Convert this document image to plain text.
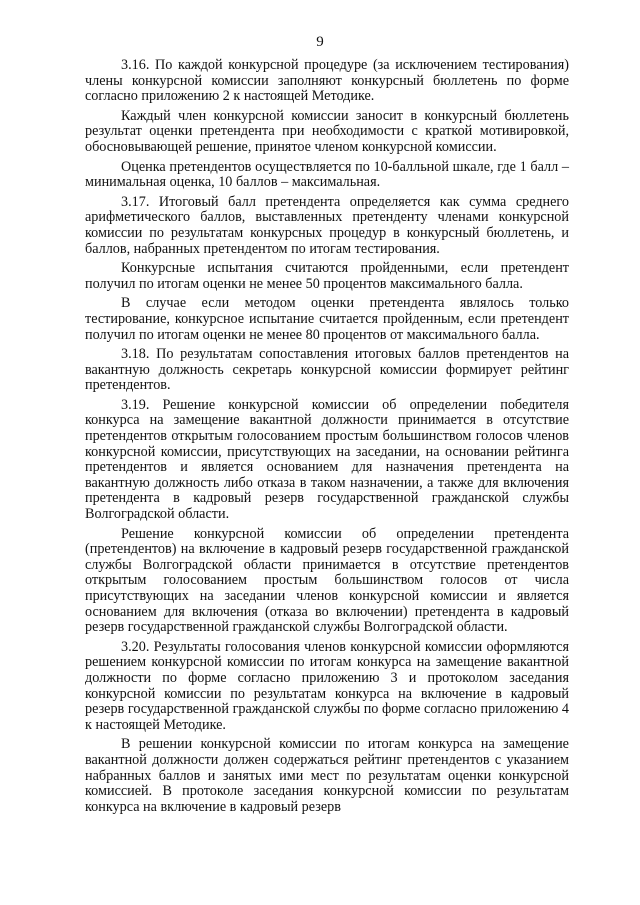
9

3.16. По каждой конкурсной процедуре (за исключением тестирования) члены конкурсной комиссии заполняют конкурсный бюллетень по форме согласно приложению 2 к настоящей Методике.

Каждый член конкурсной комиссии заносит в конкурсный бюллетень результат оценки претендента при необходимости с краткой мотивировкой, обосновывающей решение, принятое членом конкурсной комиссии.

Оценка претендентов осуществляется по 10-балльной шкале, где 1 балл – минимальная оценка, 10 баллов – максимальная.

3.17. Итоговый балл претендента определяется как сумма среднего арифметического баллов, выставленных претенденту членами конкурсной комиссии по результатам конкурсных процедур в конкурсный бюллетень, и баллов, набранных претендентом по итогам тестирования.

Конкурсные испытания считаются пройденными, если претендент получил по итогам оценки не менее 50 процентов максимального балла.

В случае если методом оценки претендента являлось только тестирование, конкурсное испытание считается пройденным, если претендент получил по итогам оценки не менее 80 процентов от максимального балла.

3.18. По результатам сопоставления итоговых баллов претендентов на вакантную должность секретарь конкурсной комиссии формирует рейтинг претендентов.

3.19. Решение конкурсной комиссии об определении победителя конкурса на замещение вакантной должности принимается в отсутствие претендентов открытым голосованием простым большинством голосов членов конкурсной комиссии, присутствующих на заседании, на основании рейтинга претендентов и является основанием для назначения претендента на вакантную должность либо отказа в таком назначении, а также для включения претендента в кадровый резерв государственной гражданской службы Волгоградской области.

Решение конкурсной комиссии об определении претендента (претендентов) на включение в кадровый резерв государственной гражданской службы Волгоградской области принимается в отсутствие претендентов открытым голосованием простым большинством голосов от числа присутствующих на заседании членов конкурсной комиссии и является основанием для включения (отказа во включении) претендента в кадровый резерв государственной гражданской службы Волгоградской области.

3.20. Результаты голосования членов конкурсной комиссии оформляются решением конкурсной комиссии по итогам конкурса на замещение вакантной должности по форме согласно приложению 3 и протоколом заседания конкурсной комиссии по результатам конкурса на включение в кадровый резерв государственной гражданской службы по форме согласно приложению 4 к настоящей Методике.

В решении конкурсной комиссии по итогам конкурса на замещение вакантной должности должен содержаться рейтинг претендентов с указанием набранных баллов и занятых ими мест по результатам оценки конкурсной комиссией. В протоколе заседания конкурсной комиссии по результатам конкурса на включение в кадровый резерв
